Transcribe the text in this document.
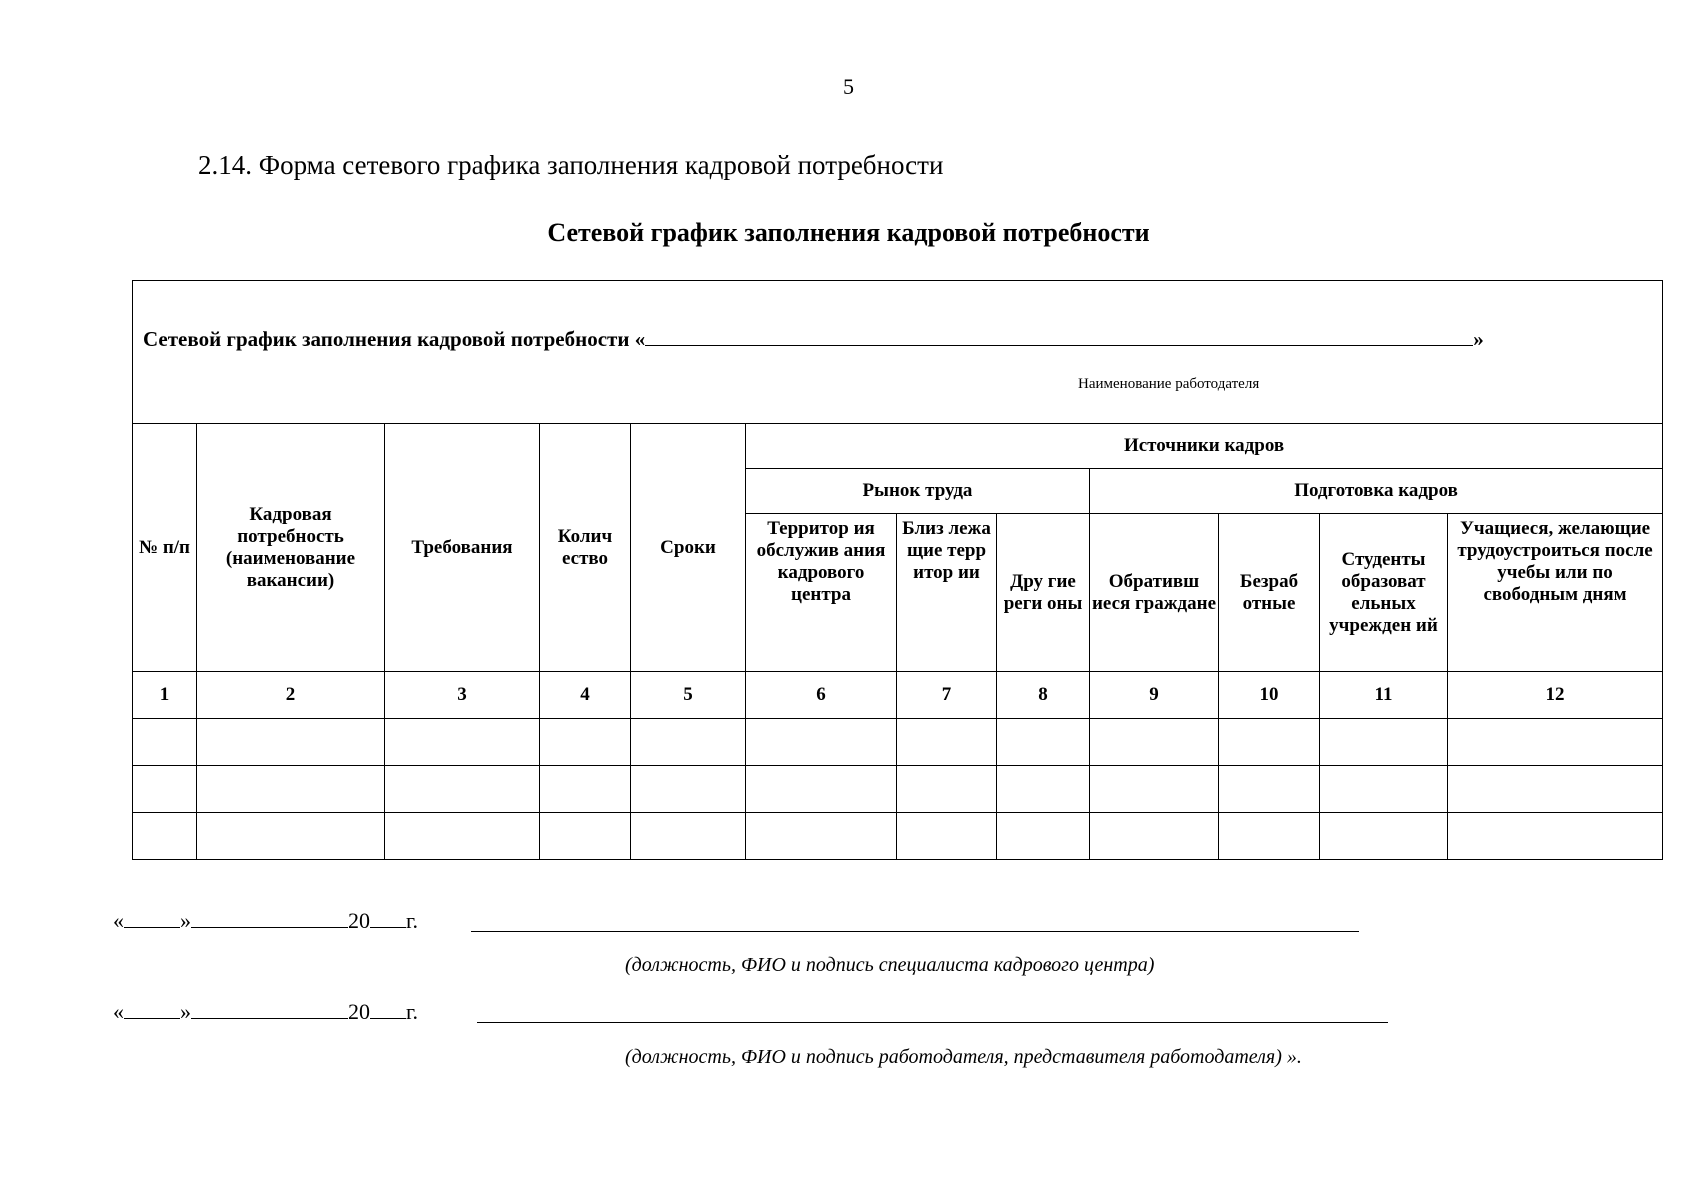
5
2.14. Форма сетевого графика заполнения кадровой потребности
Сетевой график заполнения кадровой потребности
Сетевой график заполнения кадровой потребности « »
Наименование работодателя											

№ п/п	Кадровая потребность (наименование вакансии)	Требования	Колич ество	Сроки	Источники кадров						
					Рынок труда			Подготовка кадров			
					Территор ия обслужив ания кадрового центра	Близ лежа щие терр итор ии	Дру гие реги оны	Обративш иеся граждане	Безраб отные	Студенты образоват ельных учрежден ий	Учащиеся, желающие трудоустроиться после учебы или по свободным дням
1	2	3	4	5	6	7	8	9	10	11	12

«	»	20 г.
(должность, ФИО и подпись специалиста кадрового центра)
«	»	20 г.
(должность, ФИО и подпись работодателя, представителя работодателя) ».
